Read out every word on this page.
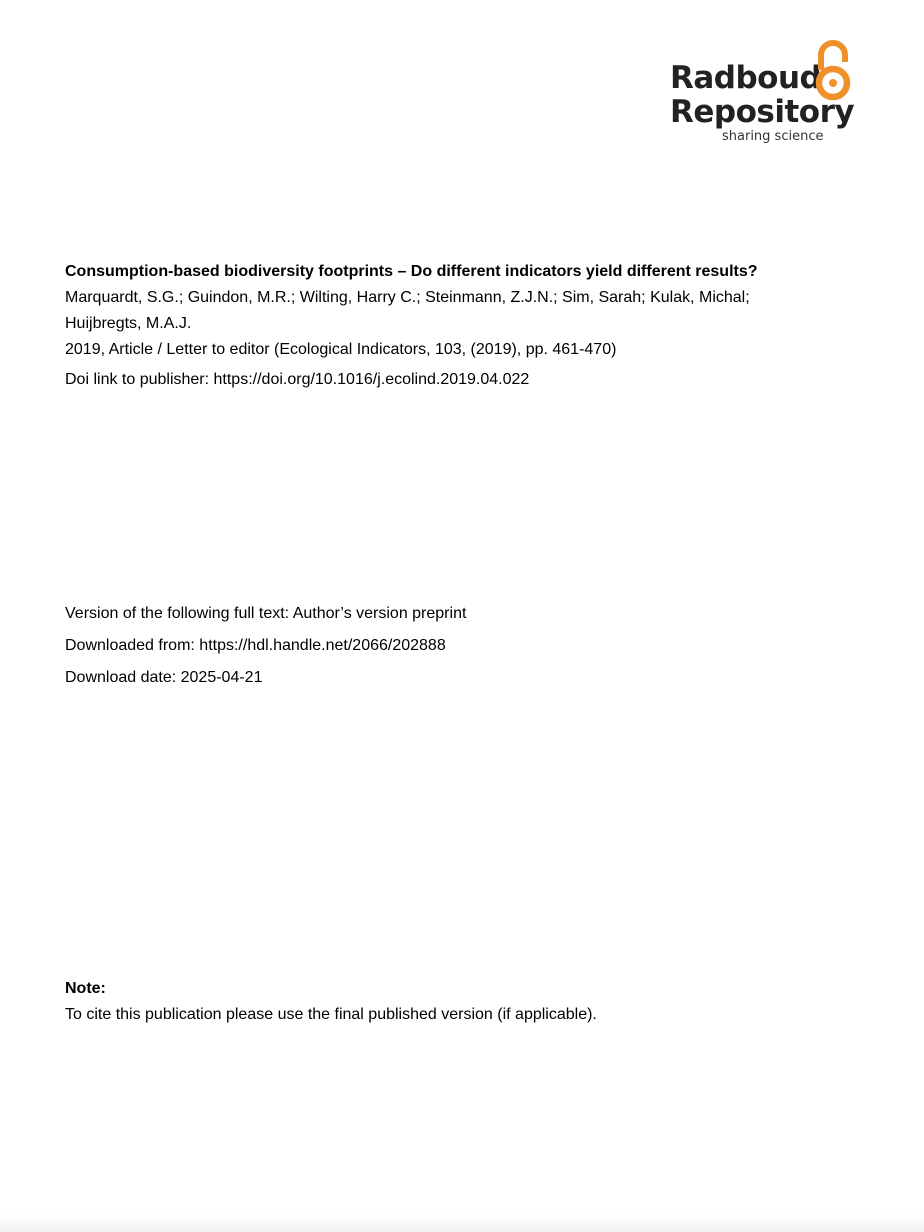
Radboud
Repository
sharing science
Consumption-based biodiversity footprints – Do different indicators yield different results?
Marquardt, S.G.; Guindon, M.R.; Wilting, Harry C.; Steinmann, Z.J.N.; Sim, Sarah; Kulak, Michal;
Huijbregts, M.A.J.
2019, Article / Letter to editor (Ecological Indicators, 103, (2019), pp. 461-470)
Doi link to publisher: https://doi.org/10.1016/j.ecolind.2019.04.022
Version of the following full text: Author’s version preprint
Downloaded from: https://hdl.handle.net/2066/202888
Download date: 2025-04-21
Note:
To cite this publication please use the final published version (if applicable).
